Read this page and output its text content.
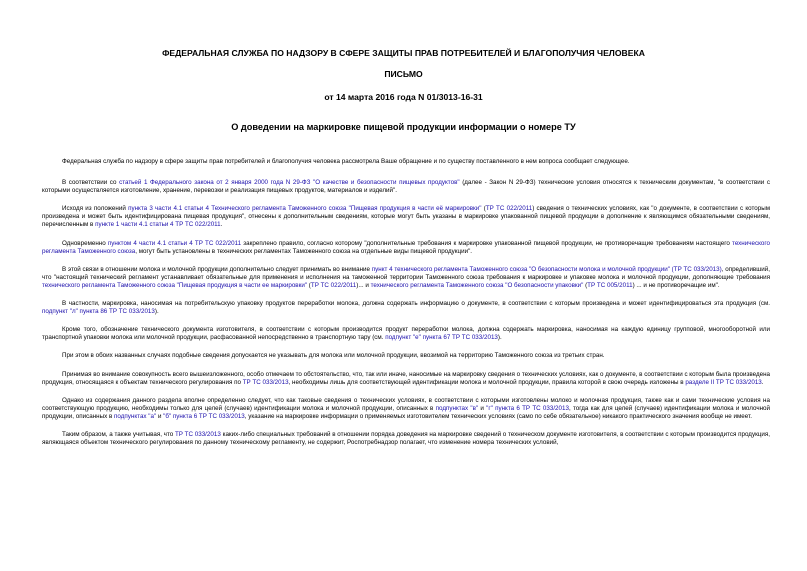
ФЕДЕРАЛЬНАЯ СЛУЖБА ПО НАДЗОРУ В СФЕРЕ ЗАЩИТЫ ПРАВ ПОТРЕБИТЕЛЕЙ И БЛАГОПОЛУЧИЯ ЧЕЛОВЕКА
ПИСЬМО
от 14 марта 2016 года N 01/3013-16-31
О доведении на маркировке пищевой продукции информации о номере ТУ

Федеральная служба по надзору в сфере защиты прав потребителей и благополучия человека рассмотрела Ваше обращение и по существу поставленного в нем вопроса сообщает следующее.

В соответствии со статьей 1 Федерального закона от 2 января 2000 года N 29-ФЗ "О качестве и безопасности пищевых продуктов" (далее - Закон N 29-ФЗ) технические условия относятся к техническим документам, "в соответствии с которыми осуществляется изготовление, хранение, перевозки и реализация пищевых продуктов, материалов и изделий".

Исходя из положений пункта 3 части 4.1 статьи 4 Технического регламента Таможенного союза "Пищевая продукция в части её маркировки" (ТР ТС 022/2011) сведения о технических условиях, как "о документе, в соответствии с которым произведена и может быть идентифицирована пищевая продукция", отнесены к дополнительным сведениям, которые могут быть указаны в маркировке упакованной пищевой продукции в дополнение к являющимся обязательными сведениям, перечисленным в пункте 1 части 4.1 статьи 4 ТР ТС 022/2011.

Одновременно пунктом 4 части 4.1 статьи 4 ТР ТС 022/2011 закреплено правило, согласно которому "дополнительные требования к маркировке упакованной пищевой продукции, не противоречащие требованиям настоящего технического регламента Таможенного союза, могут быть установлены в технических регламентах Таможенного союза на отдельные виды пищевой продукции".

В этой связи в отношении молока и молочной продукции дополнительно следует принимать во внимание пункт 4 технического регламента Таможенного союза "О безопасности молока и молочной продукции" (ТР ТС 033/2013), определивший, что "настоящий технический регламент устанавливает обязательные для применения и исполнения на таможенной территории Таможенного союза требования к маркировке и упаковке молока и молочной продукции, дополняющие требования технического регламента Таможенного союза "Пищевая продукция в части ее маркировки" (ТР ТС 022/2011)... и технического регламента Таможенного союза "О безопасности упаковки" (ТР ТС 005/2011) ... и не противоречащие им".

В частности, маркировка, наносимая на потребительскую упаковку продуктов переработки молока, должна содержать информацию о документе, в соответствии с которым произведена и может идентифицироваться эта продукция (см. подпункт "л" пункта 86 ТР ТС 033/2013).

Кроме того, обозначение технического документа изготовителя, в соответствии с которым производится продукт переработки молока, должна содержать маркировка, наносимая на каждую единицу групповой, многооборотной или транспортной упаковки молока или молочной продукции, расфасованной непосредственно в транспортную тару (см. подпункт "е" пункта 67 ТР ТС 033/2013).

При этом в обоих названных случаях подобные сведения допускается не указывать для молока или молочной продукции, ввозимой на территорию Таможенного союза из третьих стран.

Принимая во внимание совокупность всего вышеизложенного, особо отмечаем то обстоятельство, что, так или иначе, наносимые на маркировку сведения о технических условиях, как о документе, в соответствии с которым была произведена продукция, относящаяся к объектам технического регулирования по ТР ТС 033/2013, необходимы лишь для соответствующей идентификации молока и молочной продукции, правила которой в свою очередь изложены в разделе II ТР ТС 033/2013.

Однако из содержания данного раздела вполне определенно следует, что как таковые сведения о технических условиях, в соответствии с которыми изготовлены молоко и молочная продукция, также как и сами технические условия на соответствующую продукцию, необходимы только для целей (случаев) идентификации молока и молочной продукции, описанных в подпунктах "в" и "г" пункта 6 ТР ТС 033/2013, тогда как для целей (случаев) идентификации молока и молочной продукции, описанных в подпунктах "а" и "б" пункта 6 ТР ТС 033/2013, указание на маркировке информации о применяемых изготовителем технических условиях (само по себе обязательное) никакого практического значения вообще не имеет.

Таким образом, а также учитывая, что ТР ТС 033/2013 каких-либо специальных требований в отношении порядка доведения на маркировке сведений о техническом документе изготовителя, в соответствии с которым производится продукция, являющаяся объектом технического регулирования по данному техническому регламенту, не содержит, Роспотребнадзор полагает, что изменение номера технических условий,
